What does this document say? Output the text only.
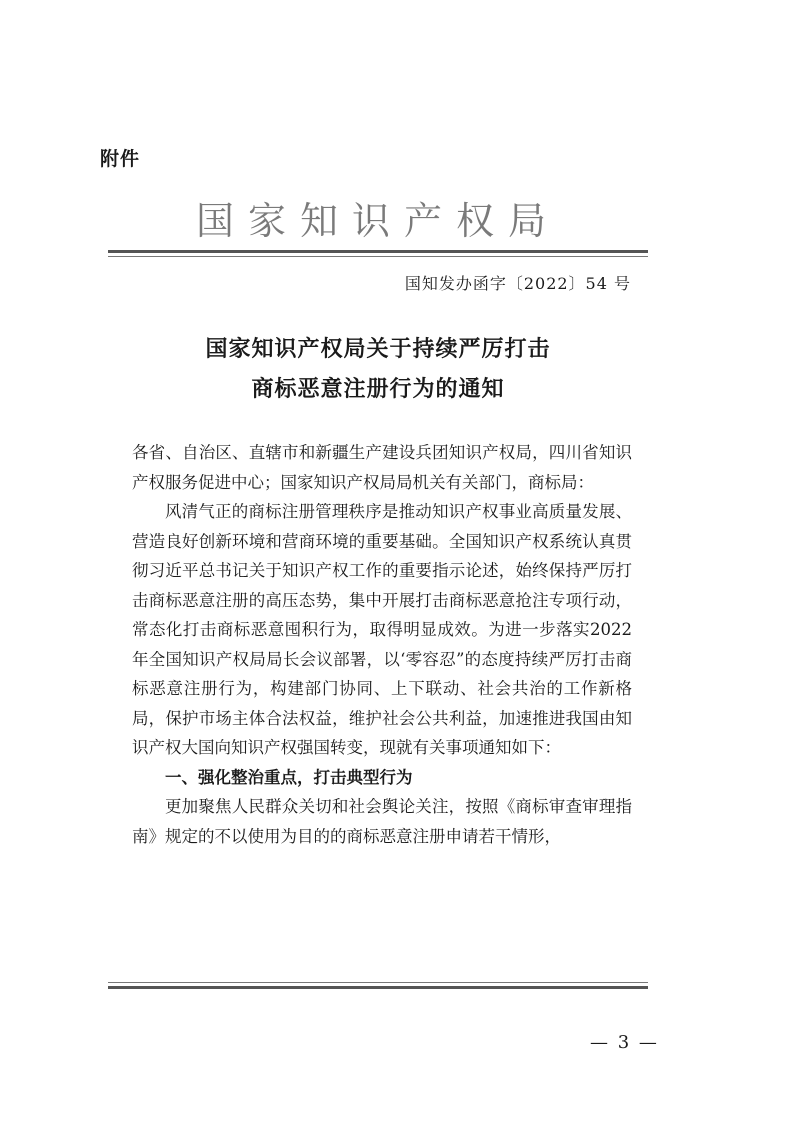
附件
国家知识产权局
国知发办函字〔2022〕54 号
国家知识产权局关于持续严厉打击
商标恶意注册行为的通知

各省、自治区、直辖市和新疆生产建设兵团知识产权局，四川省知识产权服务促进中心；国家知识产权局局机关有关部门，商标局：

风清气正的商标注册管理秩序是推动知识产权事业高质量发展、营造良好创新环境和营商环境的重要基础。全国知识产权系统认真贯彻习近平总书记关于知识产权工作的重要指示论述，始终保持严厉打击商标恶意注册的高压态势，集中开展打击商标恶意抢注专项行动，常态化打击商标恶意囤积行为，取得明显成效。为进一步落实2022 年全国知识产权局局长会议部署，以‘零容忍”的态度持续严厉打击商标恶意注册行为，构建部门协同、上下联动、社会共治的工作新格局，保护市场主体合法权益，维护社会公共利益，加速推进我国由知识产权大国向知识产权强国转变，现就有关事项通知如下：

一、强化整治重点，打击典型行为

更加聚焦人民群众关切和社会舆论关注，按照《商标审查审理指南》规定的不以使用为目的的商标恶意注册申请若干情形，

— 3 —
